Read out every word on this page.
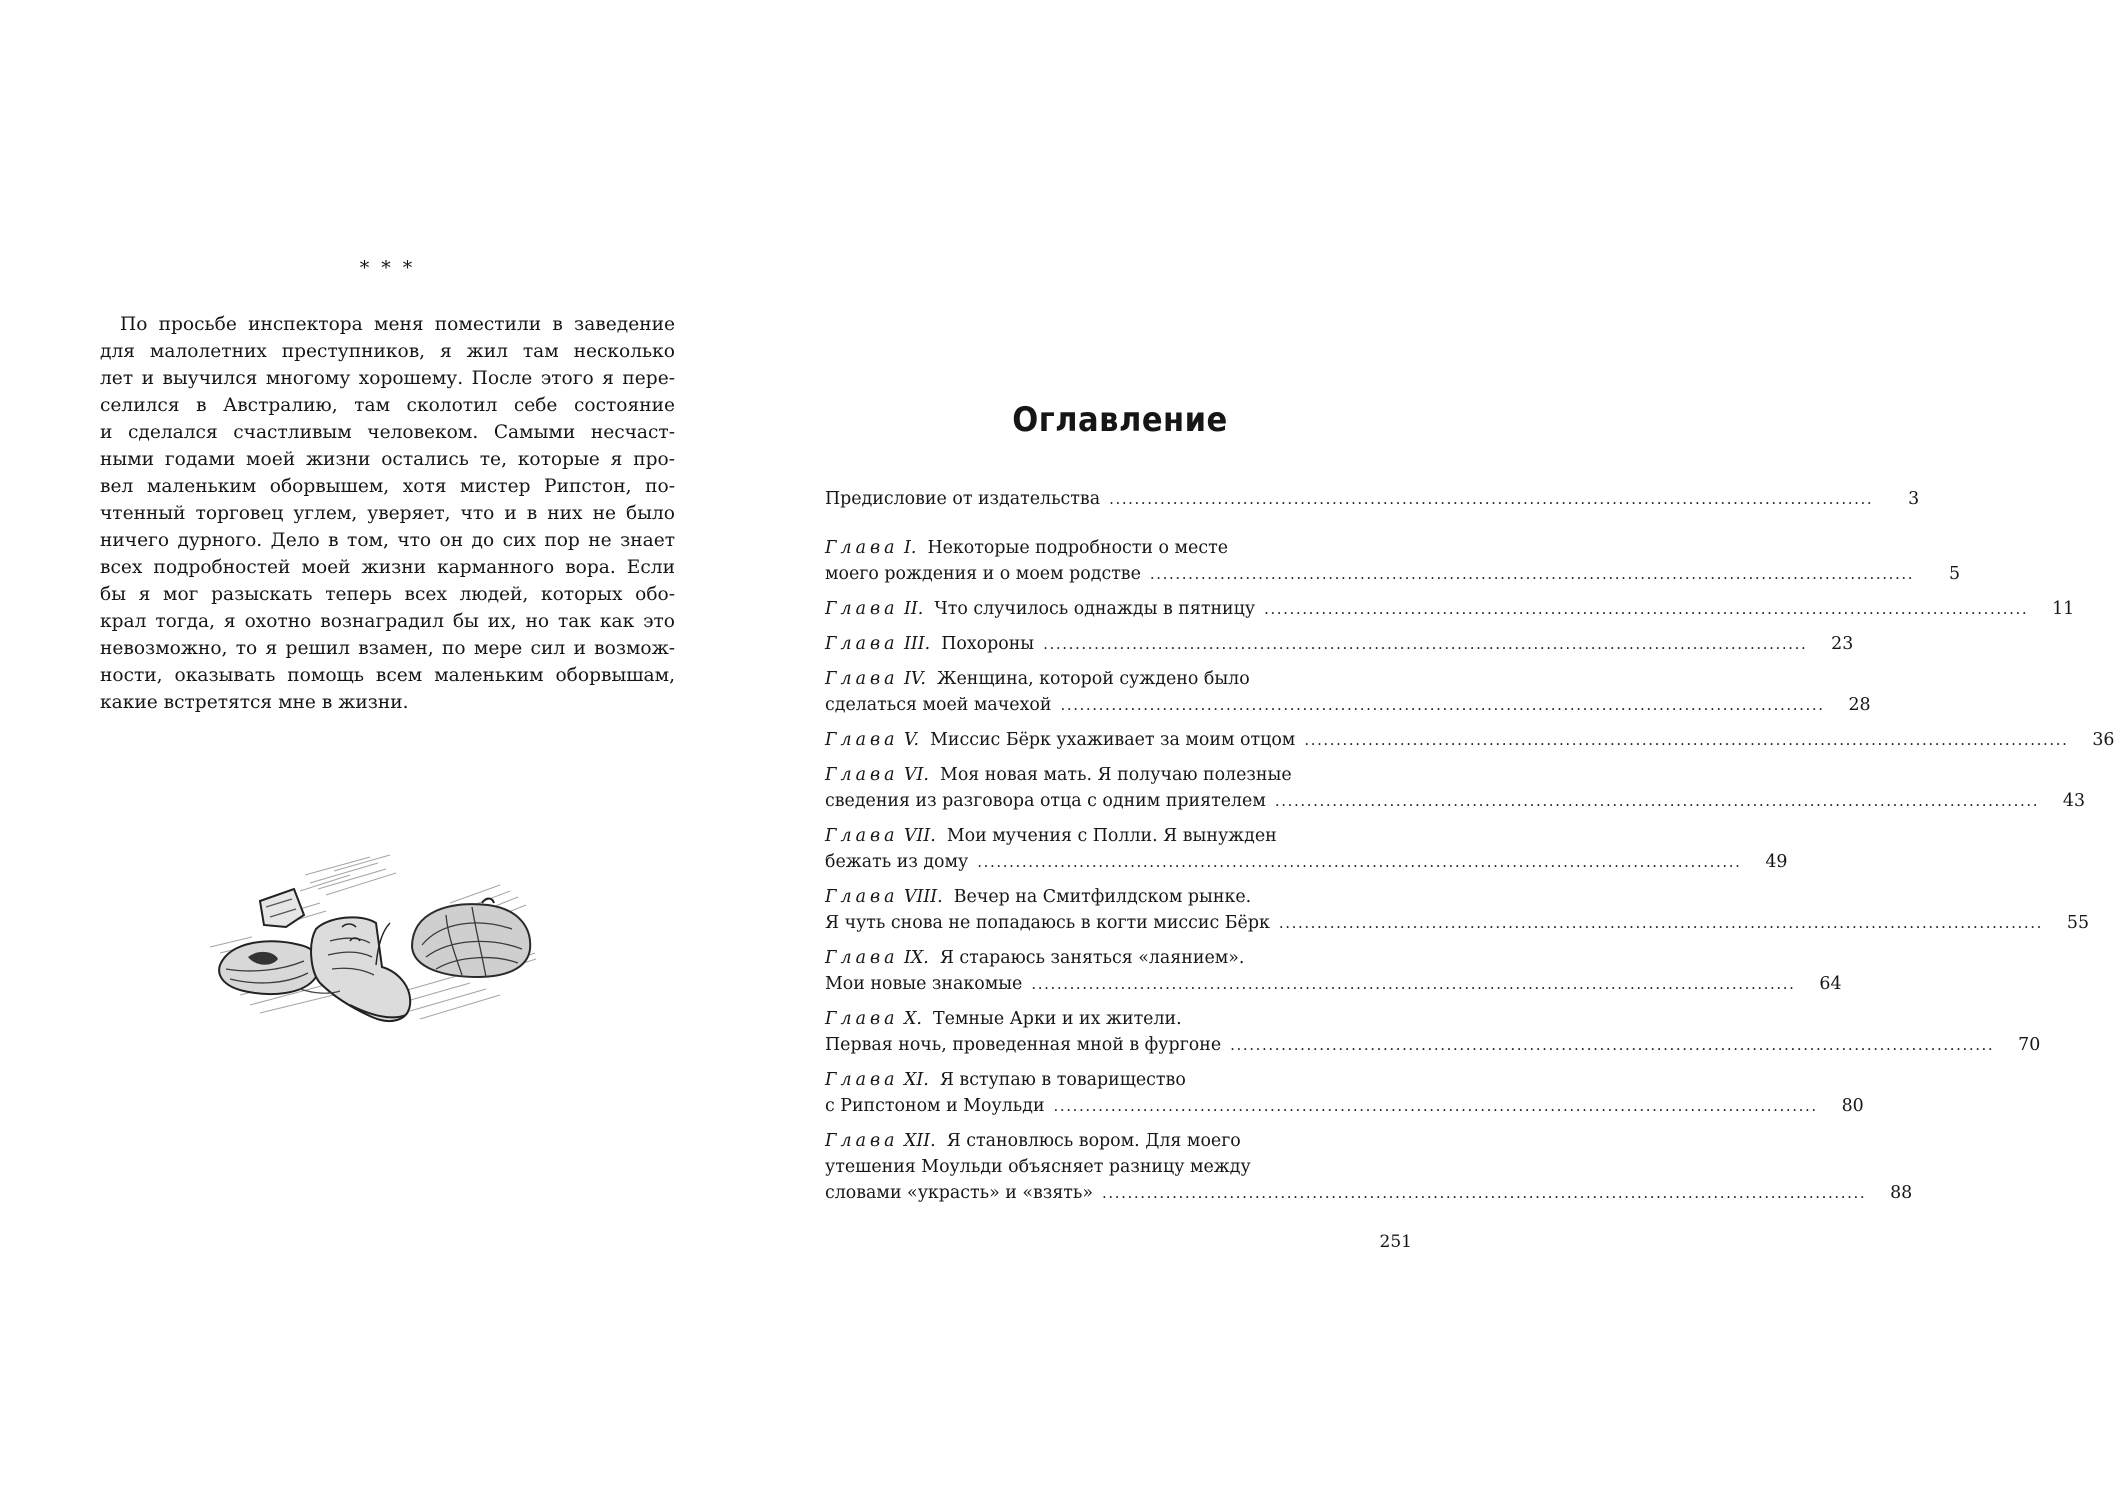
* * *

По просьбе инспектора меня поместили в заведение
для малолетних преступников, я жил там несколько
лет и выучился многому хорошему. После этого я пере-
селился в Австралию, там сколотил себе состояние
и сделался счастливым человеком. Самыми несчаст-
ными годами моей жизни остались те, которые я про-
вел маленьким оборвышем, хотя мистер Рипстон, по-
чтенный торговец углем, уверяет, что и в них не было
ничего дурного. Дело в том, что он до сих пор не знает
всех подробностей моей жизни карманного вора. Если
бы я мог разыскать теперь всех людей, которых обо-
крал тогда, я охотно вознаградил бы их, но так как это
невозможно, то я решил взамен, по мере сил и возмож-
ности, оказывать помощь всем маленьким оборвышам,
какие встретятся мне в жизни.

Оглавление
Предисловие от издательства ........................................................................................................................	3
Глава I. Некоторые подробности о месте
моего рождения и о моем родстве ........................................................................................................................	5
Глава II. Что случилось однажды в пятницу ........................................................................................................................	11
Глава III. Похороны ........................................................................................................................	23
Глава IV. Женщина, которой суждено было
сделаться моей мачехой ........................................................................................................................	28
Глава V. Миссис Бёрк ухаживает за моим отцом ........................................................................................................................	36
Глава VI. Моя новая мать. Я получаю полезные
сведения из разговора отца с одним приятелем ........................................................................................................................	43
Глава VII. Мои мучения с Полли. Я вынужден
бежать из дому ........................................................................................................................	49
Глава VIII. Вечер на Смитфилдском рынке.
Я чуть снова не попадаюсь в когти миссис Бёрк ........................................................................................................................	55
Глава IX. Я стараюсь заняться «лаянием».
Мои новые знакомые ........................................................................................................................	64
Глава X. Темные Арки и их жители.
Первая ночь, проведенная мной в фургоне ........................................................................................................................	70
Глава XI. Я вступаю в товарищество
с Рипстоном и Моульди ........................................................................................................................	80
Глава XII. Я становлюсь вором. Для моего
утешения Моульди объясняет разницу между
словами «украсть» и «взять» ........................................................................................................................	88

251
